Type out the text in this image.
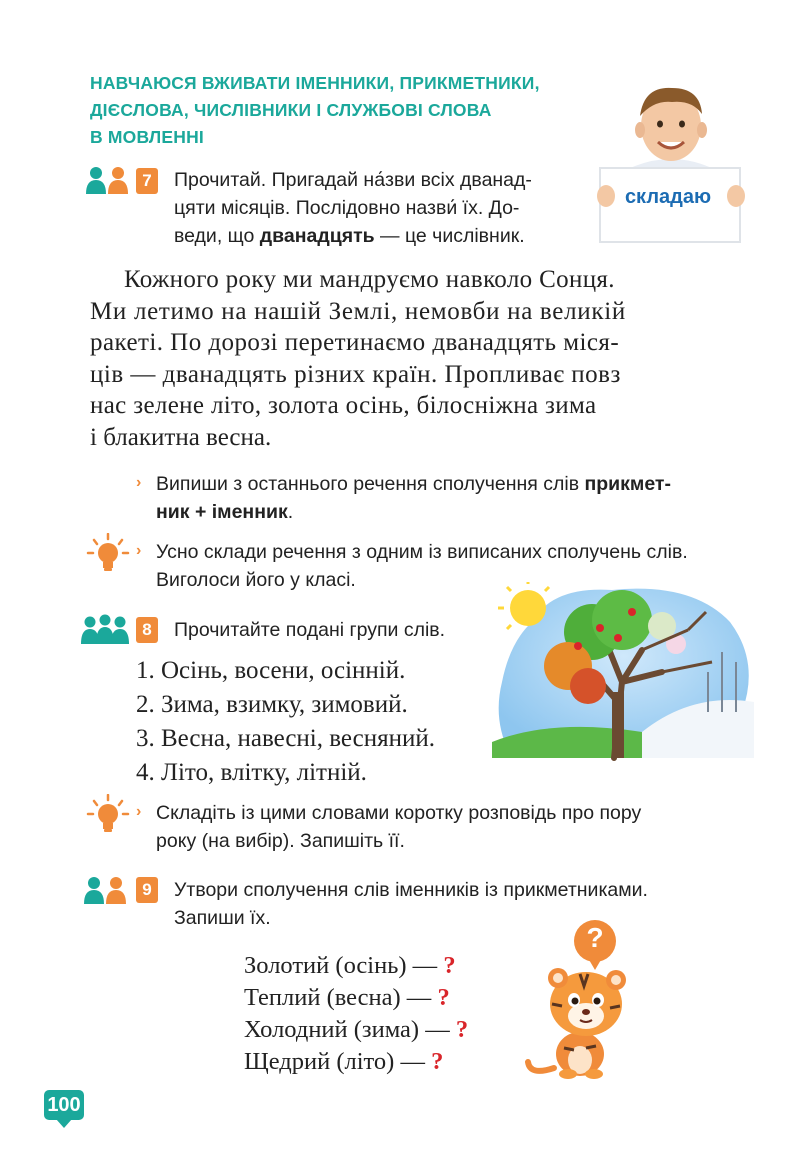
НАВЧАЮСЯ ВЖИВАТИ ІМЕННИКИ, ПРИКМЕТНИКИ,
ДІЄСЛОВА, ЧИСЛІВНИКИ І СЛУЖБОВІ СЛОВА
В МОВЛЕННІ
складаю
7	Прочитай. Пригадай на́зви всіх дванад-
цяти місяців. Послідовно назви́ їх. До-
веди, що дванадцять — це числівник.
Кожного року ми мандруємо навколо Сонця.
Ми летимо на нашій Землі, немовби на великій
ракеті. По дорозі перетинаємо дванадцять міся-
ців — дванадцять різних країн. Пропливає повз
нас зелене літо, золота осінь, білосніжна зима
і блакитна весна.
› Випиши з останнього речення сполучення слів прикмет-
ник + іменник.
› Усно склади речення з одним із виписаних сполучень слів.
Виголоси його у класі.
8	Прочитайте подані групи слів.
1. Осінь, восени, осінній.
2. Зима, взимку, зимовий.
3. Весна, навесні, весняний.
4. Літо, влітку, літній.
› Складіть із цими словами коротку розповідь про пору
року (на вибір). Запишіть її.
9	Утвори сполучення слів іменників із прикметниками.
Запиши їх.
Золотий (осінь) — ?
Теплий (весна) — ?
Холодний (зима) — ?
Щедрий (літо) — ?
?
100
